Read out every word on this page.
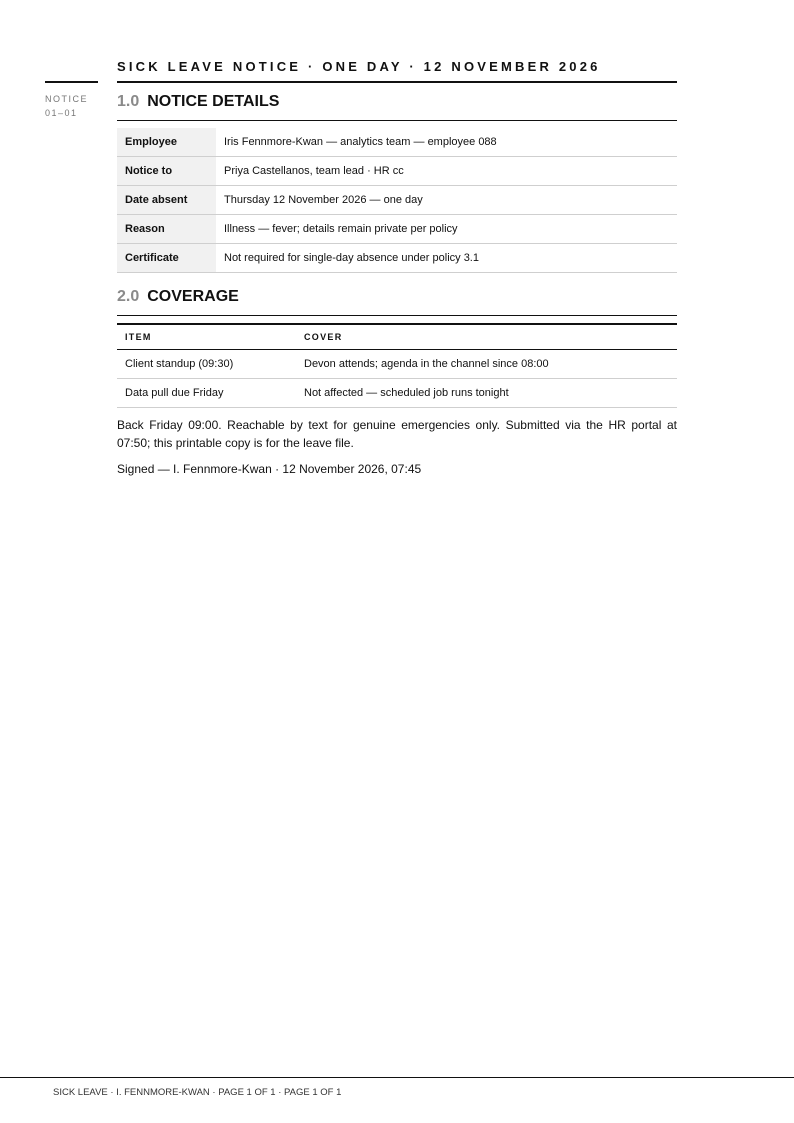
SICK LEAVE NOTICE · ONE DAY · 12 NOVEMBER 2026
NOTICE
01–01
1.0 NOTICE DETAILS
Employee	Iris Fennmore-Kwan — analytics team — employee 088
Notice to	Priya Castellanos, team lead · HR cc
Date absent	Thursday 12 November 2026 — one day
Reason	Illness — fever; details remain private per policy
Certificate	Not required for single-day absence under policy 3.1
2.0 COVERAGE
ITEM	COVER
Client standup (09:30)	Devon attends; agenda in the channel since 08:00
Data pull due Friday	Not affected — scheduled job runs tonight

Back Friday 09:00. Reachable by text for genuine emergencies only. Submitted via the HR portal at 07:50; this printable copy is for the leave file.

Signed — I. Fennmore-Kwan · 12 November 2026, 07:45

SICK LEAVE · I. FENNMORE-KWAN · PAGE 1 OF 1 · PAGE 1 OF 1
